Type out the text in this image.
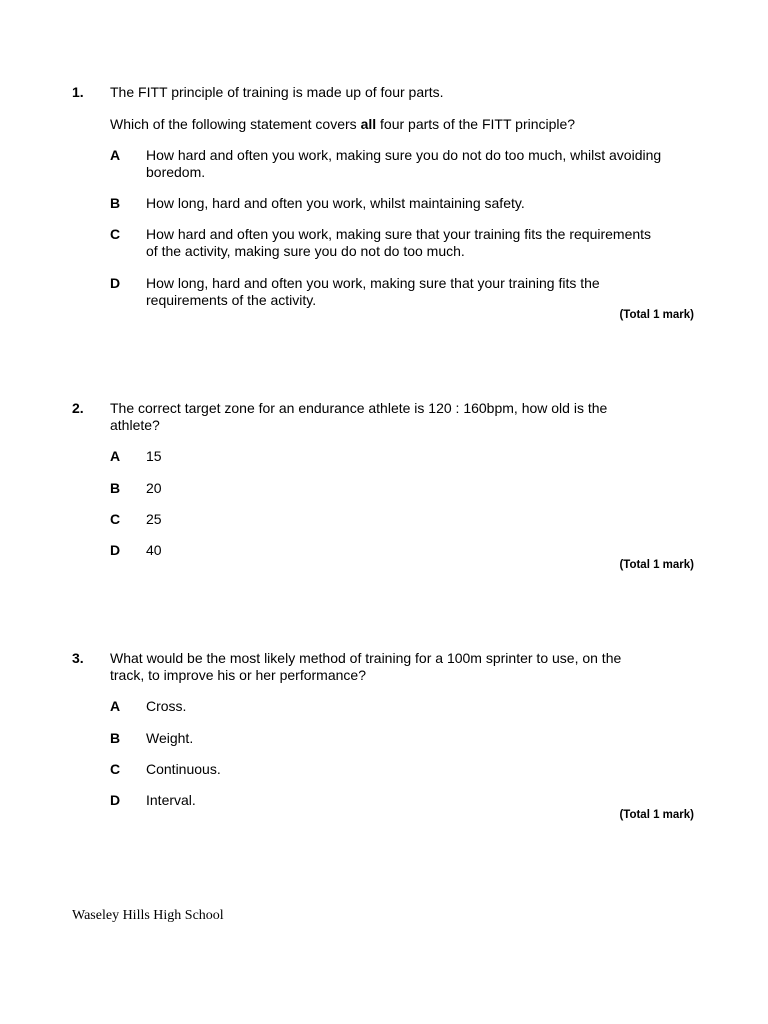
1. The FITT principle of training is made up of four parts.
Which of the following statement covers all four parts of the FITT principle?
A How hard and often you work, making sure you do not do too much, whilst avoiding boredom.
B How long, hard and often you work, whilst maintaining safety.
C How hard and often you work, making sure that your training fits the requirements of the activity, making sure you do not do too much.
D How long, hard and often you work, making sure that your training fits the requirements of the activity.
(Total 1 mark)
2. The correct target zone for an endurance athlete is 120 : 160bpm, how old is the athlete?
A 15
B 20
C 25
D 40
(Total 1 mark)
3. What would be the most likely method of training for a 100m sprinter to use, on the track, to improve his or her performance?
A Cross.
B Weight.
C Continuous.
D Interval.
(Total 1 mark)
Waseley Hills High School
